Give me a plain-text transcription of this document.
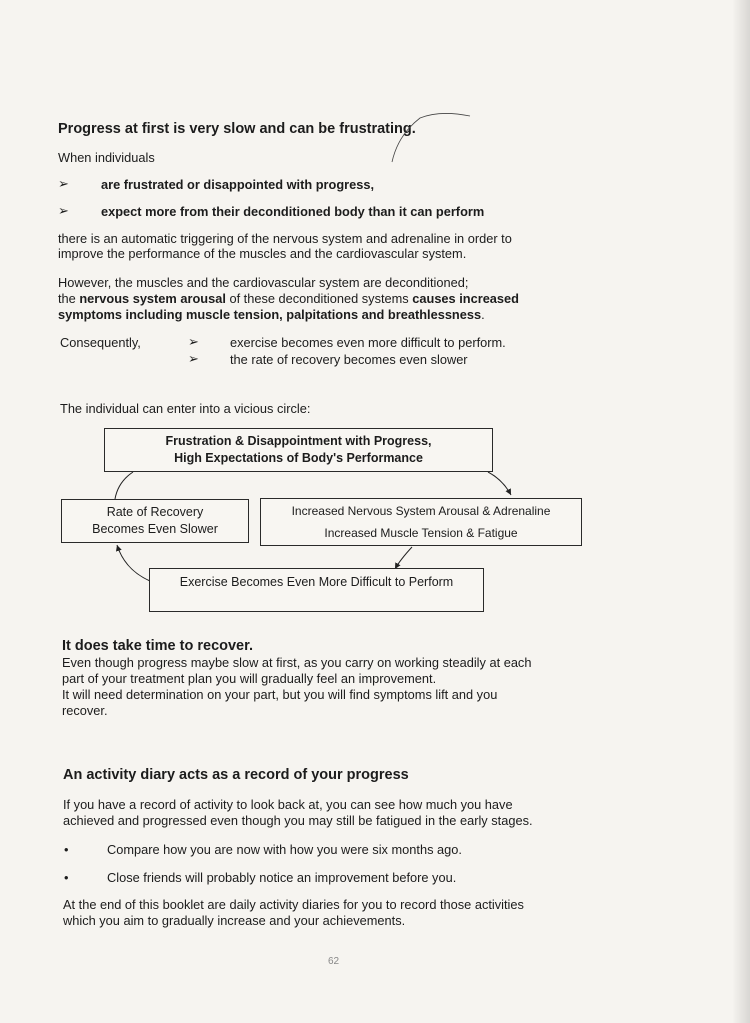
Progress at first is very slow and can be frustrating.
When individuals
➢	are frustrated or disappointed with progress,
➢	expect more from their deconditioned body than it can perform
there is an automatic triggering of the nervous system and adrenaline in order to
improve the performance of the muscles and the cardiovascular system.
However, the muscles and the cardiovascular system are deconditioned;
the nervous system arousal of these deconditioned systems causes increased
symptoms including muscle tension, palpitations and breathlessness.
Consequently,	➢ exercise becomes even more difficult to perform.
➢ the rate of recovery becomes even slower
The individual can enter into a vicious circle:
Frustration & Disappointment with Progress,
High Expectations of Body's Performance
Increased Nervous System Arousal & Adrenaline
Increased Muscle Tension & Fatigue
Rate of Recovery
Becomes Even Slower
Exercise Becomes Even More Difficult to Perform
It does take time to recover.
Even though progress maybe slow at first, as you carry on working steadily at each
part of your treatment plan you will gradually feel an improvement.
It will need determination on your part, but you will find symptoms lift and you
recover.
An activity diary acts as a record of your progress
If you have a record of activity to look back at, you can see how much you have
achieved and progressed even though you may still be fatigued in the early stages.
•	Compare how you are now with how you were six months ago.
•	Close friends will probably notice an improvement before you.
At the end of this booklet are daily activity diaries for you to record those activities
which you aim to gradually increase and your achievements.
62
